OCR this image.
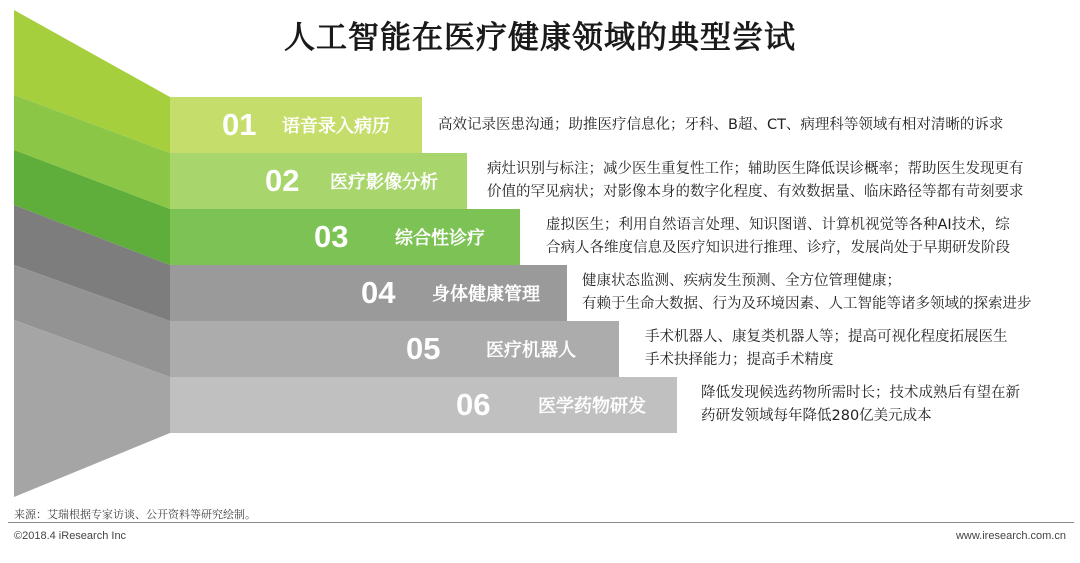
人工智能在医疗健康领域的典型尝试
01 语音录入病历	高效记录医患沟通；助推医疗信息化；牙科、B超、CT、病理科等领域有相对清晰的诉求
02 医疗影像分析
病灶识别与标注；减少医生重复性工作；辅助医生降低误诊概率；帮助医生发现更有
价值的罕见病状；对影像本身的数字化程度、有效数据量、临床路径等都有苛刻要求
03	综合性诊疗
虚拟医生；利用自然语言处理、知识图谱、计算机视觉等各种AI技术，综
合病人各维度信息及医疗知识进行推理、诊疗，发展尚处于早期研发阶段
04 身体健康管理
健康状态监测、疾病发生预测、全方位管理健康；
有赖于生命大数据、行为及环境因素、人工智能等诸多领域的探索进步
05	医疗机器人
手术机器人、康复类机器人等；提高可视化程度拓展医生
手术抉择能力；提高手术精度
06	医学药物研发
降低发现候选药物所需时长；技术成熟后有望在新
药研发领域每年降低280亿美元成本
来源：艾瑞根据专家访谈、公开资料等研究绘制。
©2018.4 iResearch Inc	www.iresearch.com.cn
